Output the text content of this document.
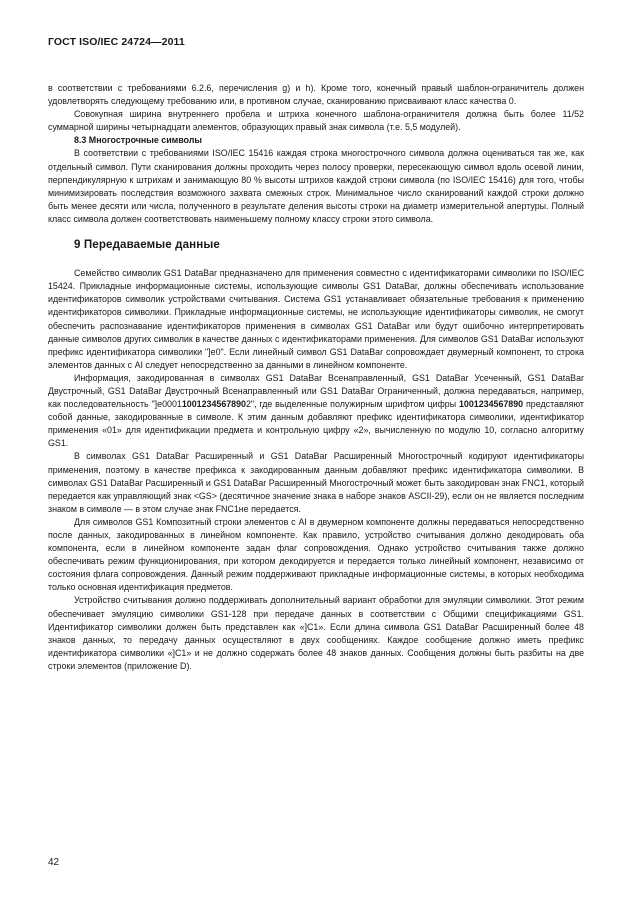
ГОСТ ISO/IEC 24724—2011

в соответствии с требованиями 6.2.6, перечисления g) и h). Кроме того, конечный правый шаблон-ограничитель должен удовлетворять следующему требованию или, в противном случае, сканированию присваивают класс качества 0.

Совокупная ширина внутреннего пробела и штриха конечного шаблона-ограничителя должна быть более 11/52 суммарной ширины четырнадцати элементов, образующих правый знак символа (т.е. 5,5 модулей).

8.3 Многострочные символы

В соответствии с требованиями ISO/IEC 15416 каждая строка многострочного символа должна оцениваться так же, как отдельный символ. Пути сканирования должны проходить через полосу проверки, пересекающую символ вдоль осевой линии, перпендикулярную к штрихам и занимающую 80 % высоты штрихов каждой строки символа (по ISO/IEC 15416) для того, чтобы минимизировать последствия возможного захвата смежных строк. Минимальное число сканирований каждой строки должно быть менее десяти или числа, полученного в результате деления высоты строки на диаметр измерительной апертуры. Полный класс символа должен соответствовать наименьшему полному классу строки этого символа.

9 Передаваемые данные

Семейство символик GS1 DataBar предназначено для применения совместно с идентификаторами символики по ISO/IEC 15424. Прикладные информационные системы, использующие символы GS1 DataBar, должны обеспечивать использование идентификаторов символик устройствами считывания. Система GS1 устанавливает обязательные требования к применению идентификаторов символики. Прикладные информационные системы, не использующие идентификаторы символик, не смогут обеспечить распознавание идентификаторов применения в символах GS1 DataBar или будут ошибочно интерпретировать данные символов других символик в качестве данных с идентификаторами применения. Для символов GS1 DataBar используют префикс идентификатора символики "]e0". Если линейный символ GS1 DataBar сопровождает двумерный компонент, то строка элементов данных с AI следует непосредственно за данными в линейном компоненте.

Информация, закодированная в символах GS1 DataBar Всенаправленный, GS1 DataBar Усеченный, GS1 DataBar Двустрочный, GS1 DataBar Двустрочный Всенаправленный или GS1 DataBar Ограниченный, должна передаваться, например, как последовательность "]e000110012345678902", где выделенные полужирным шрифтом цифры 1001234567890 представляют собой данные, закодированные в символе. К этим данным добавляют префикс идентификатора символики, идентификатор применения «01» для идентификации предмета и контрольную цифру «2», вычисленную по модулю 10, согласно алгоритму GS1.

В символах GS1 DataBar Расширенный и GS1 DataBar Расширенный Многострочный кодируют идентификаторы применения, поэтому в качестве префикса к закодированным данным добавляют префикс идентификатора символики. В символах GS1 DataBar Расширенный и GS1 DataBar Расширенный Многострочный может быть закодирован знак FNC1, который передается как управляющий знак <GS> (десятичное значение знака в наборе знаков ASCII-29), если он не является последним знаком в символе — в этом случае знак FNC1не передается.

Для символов GS1 Композитный строки элементов с AI в двумерном компоненте должны передаваться непосредственно после данных, закодированных в линейном компоненте. Как правило, устройство считывания должно декодировать оба компонента, если в линейном компоненте задан флаг сопровождения. Однако устройство считывания также должно обеспечивать режим функционирования, при котором декодируется и передается только линейный компонент, независимо от состояния флага сопровождения. Данный режим поддерживают прикладные информационные системы, в которых необходима только основная идентификация предметов.

Устройство считывания должно поддерживать дополнительный вариант обработки для эмуляции символики. Этот режим обеспечивает эмуляцию символики GS1-128 при передаче данных в соответствии с Общими спецификациями GS1. Идентификатор символики должен быть представлен как «]C1». Если длина символа GS1 DataBar Расширенный более 48 знаков данных, то передачу данных осуществляют в двух сообщениях. Каждое сообщение должно иметь префикс идентификатора символики «]C1» и не должно содержать более 48 знаков данных. Сообщения должны быть разбиты на две строки элементов (приложение D).

42
